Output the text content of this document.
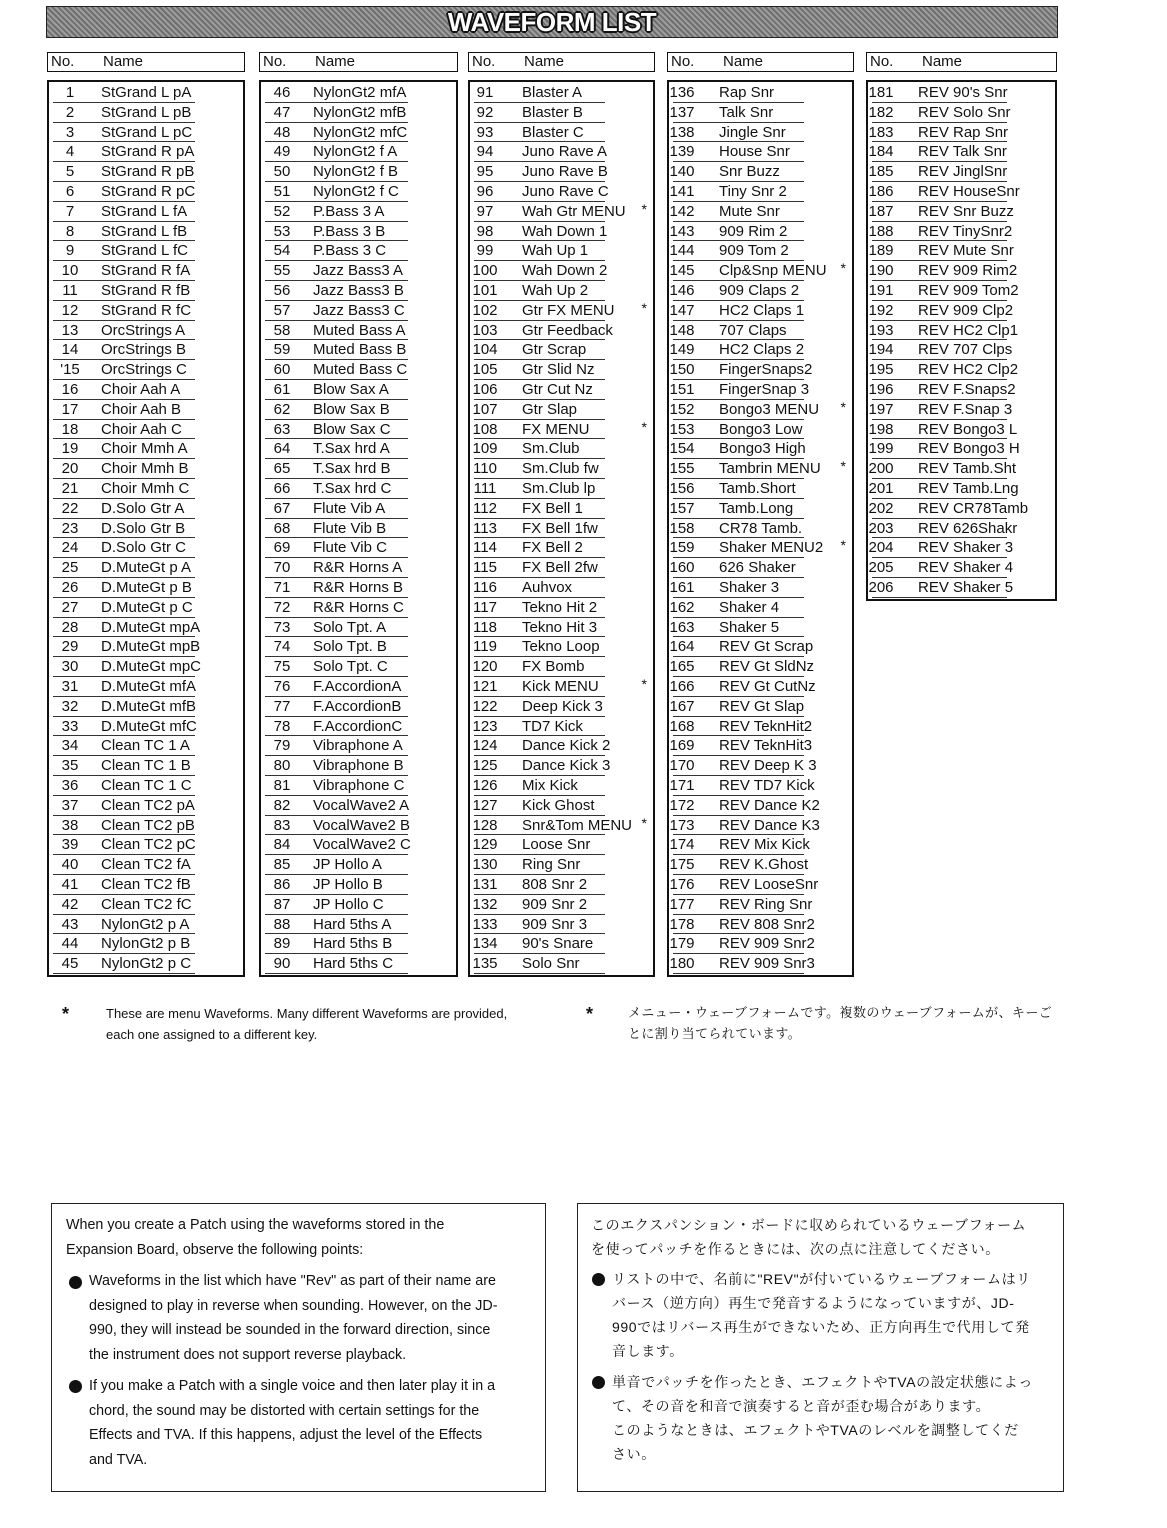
WAVEFORM LIST
No. Name
1	StGrand L pA
2	StGrand L pB
3	StGrand L pC
4	StGrand R pA
5	StGrand R pB
6	StGrand R pC
7	StGrand L fA
8	StGrand L fB
9	StGrand L fC
10	StGrand R fA
11	StGrand R fB
12	StGrand R fC
13	OrcStrings A
14	OrcStrings B
'15	OrcStrings C
16	Choir Aah A
17	Choir Aah B
18	Choir Aah C
19	Choir Mmh A
20	Choir Mmh B
21	Choir Mmh C
22	D.Solo Gtr A
23	D.Solo Gtr B
24	D.Solo Gtr C
25	D.MuteGt p A
26	D.MuteGt p B
27	D.MuteGt p C
28	D.MuteGt mpA
29	D.MuteGt mpB
30	D.MuteGt mpC
31	D.MuteGt mfA
32	D.MuteGt mfB
33	D.MuteGt mfC
34	Clean TC 1 A
35	Clean TC 1 B
36	Clean TC 1 C
37	Clean TC2 pA
38	Clean TC2 pB
39	Clean TC2 pC
40	Clean TC2 fA
41	Clean TC2 fB
42	Clean TC2 fC
43	NylonGt2 p A
44	NylonGt2 p B
45	NylonGt2 p C
No. Name
46	NylonGt2 mfA
47	NylonGt2 mfB
48	NylonGt2 mfC
49	NylonGt2 f A
50	NylonGt2 f B
51	NylonGt2 f C
52	P.Bass 3 A
53	P.Bass 3 B
54	P.Bass 3 C
55	Jazz Bass3 A
56	Jazz Bass3 B
57	Jazz Bass3 C
58	Muted Bass A
59	Muted Bass B
60	Muted Bass C
61	Blow Sax A
62	Blow Sax B
63	Blow Sax C
64	T.Sax hrd A
65	T.Sax hrd B
66	T.Sax hrd C
67	Flute Vib A
68	Flute Vib B
69	Flute Vib C
70	R&R Horns A
71	R&R Horns B
72	R&R Horns C
73	Solo Tpt. A
74	Solo Tpt. B
75	Solo Tpt. C
76	F.AccordionA
77	F.AccordionB
78	F.AccordionC
79	Vibraphone A
80	Vibraphone B
81	Vibraphone C
82	VocalWave2 A
83	VocalWave2 B
84	VocalWave2 C
85	JP Hollo A
86	JP Hollo B
87	JP Hollo C
88	Hard 5ths A
89	Hard 5ths B
90	Hard 5ths C
No. Name
91	Blaster A
92	Blaster B
93	Blaster C
94	Juno Rave A
95	Juno Rave B
96	Juno Rave C
97	Wah Gtr MENU *
98	Wah Down 1
99	Wah Up 1
100 Wah Down 2
101 Wah Up 2
102 Gtr FX MENU *
103 Gtr Feedback
104 Gtr Scrap
105 Gtr Slid Nz
106 Gtr Cut Nz
107 Gtr Slap
108 FX MENU	*
109 Sm.Club
110	Sm.Club fw
111	Sm.Club lp
112	FX Bell 1
113	FX Bell 1fw
114	FX Bell 2
115	FX Bell 2fw
116	Auhvox
117	Tekno Hit 2
118	Tekno Hit 3
119	Tekno Loop
120 FX Bomb
121 Kick MENU	*
122 Deep Kick 3
123 TD7 Kick
124 Dance Kick 2
125 Dance Kick 3
126 Mix Kick
127 Kick Ghost
128 Snr&Tom MENU *
129 Loose Snr
130 Ring Snr
131 808 Snr 2
132 909 Snr 2
133 909 Snr 3
134 90's Snare
135 Solo Snr
No. Name
136 Rap Snr
137 Talk Snr
138 Jingle Snr
139 House Snr
140 Snr Buzz
141 Tiny Snr 2
142 Mute Snr
143 909 Rim 2
144 909 Tom 2
145 Clp&Snp MENU *
146 909 Claps 2
147 HC2 Claps 1
148 707 Claps
149 HC2 Claps 2
150 FingerSnaps2
151 FingerSnap 3
152 Bongo3 MENU *
153 Bongo3 Low
154 Bongo3 High
155 Tambrin MENU *
156 Tamb.Short
157 Tamb.Long
158 CR78 Tamb.
159 Shaker MENU2 *
160 626 Shaker
161 Shaker 3
162 Shaker 4
163 Shaker 5
164 REV Gt Scrap
165 REV Gt SldNz
166 REV Gt CutNz
167 REV Gt Slap
168 REV TeknHit2
169 REV TeknHit3
170 REV Deep K 3
171 REV TD7 Kick
172 REV Dance K2
173 REV Dance K3
174 REV Mix Kick
175 REV K.Ghost
176 REV LooseSnr
177 REV Ring Snr
178 REV 808 Snr2
179 REV 909 Snr2
180 REV 909 Snr3
No. Name
181 REV 90's Snr
182 REV Solo Snr
183 REV Rap Snr
184 REV Talk Snr
185 REV JinglSnr
186 REV HouseSnr
187 REV Snr Buzz
188 REV TinySnr2
189 REV Mute Snr
190 REV 909 Rim2
191 REV 909 Tom2
192 REV 909 Clp2
193 REV HC2 Clp1
194 REV 707 Clps
195 REV HC2 Clp2
196 REV F.Snaps2
197 REV F.Snap 3
198 REV Bongo3 L
199 REV Bongo3 H
200 REV Tamb.Sht
201 REV Tamb.Lng
202 REV CR78Tamb
203 REV 626Shakr
204 REV Shaker 3
205 REV Shaker 4
206 REV Shaker 5
*	These are menu Waveforms. Many different Waveforms are provided,
each one assigned to a different key.
*	メニュー・ウェーブフォームです。複数のウェーブフォームが、キーご
とに割り当てられています。
When you create a Patch using the waveforms stored in the
Expansion Board, observe the following points:
Waveforms in the list which have "Rev" as part of their name are
designed to play in reverse when sounding. However, on the JD-
990, they will instead be sounded in the forward direction, since
the instrument does not support reverse playback.
If you make a Patch with a single voice and then later play it in a
chord, the sound may be distorted with certain settings for the
Effects and TVA. If this happens, adjust the level of the Effects
and TVA.
このエクスパンション・ボードに収められているウェーブフォーム
を使ってパッチを作るときには、次の点に注意してください。
リストの中で、名前に"REV"が付いているウェーブフォームはリ
バース（逆方向）再生で発音するようになっていますが、JD-
990ではリバース再生ができないため、正方向再生で代用して発
音します。
単音でパッチを作ったとき、エフェクトやTVAの設定状態によっ
て、その音を和音で演奏すると音が歪む場合があります。
このようなときは、エフェクトやTVAのレベルを調整してくだ
さい。
